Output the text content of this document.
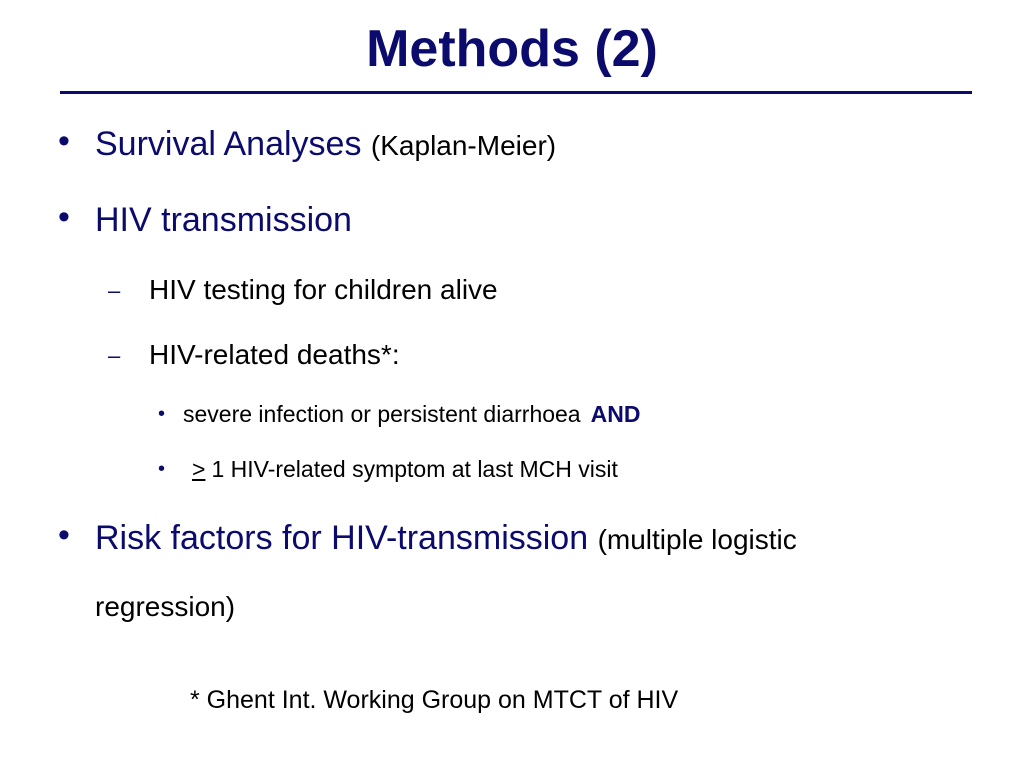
Methods (2)
• Survival Analyses (Kaplan-Meier)
• HIV transmission
– HIV testing for children alive
– HIV-related deaths*:
• severe infection or persistent diarrhoea AND
• ≥ 1 HIV-related symptom at last MCH visit
• Risk factors for HIV-transmission (multiple logistic
regression)
* Ghent Int. Working Group on MTCT of HIV
